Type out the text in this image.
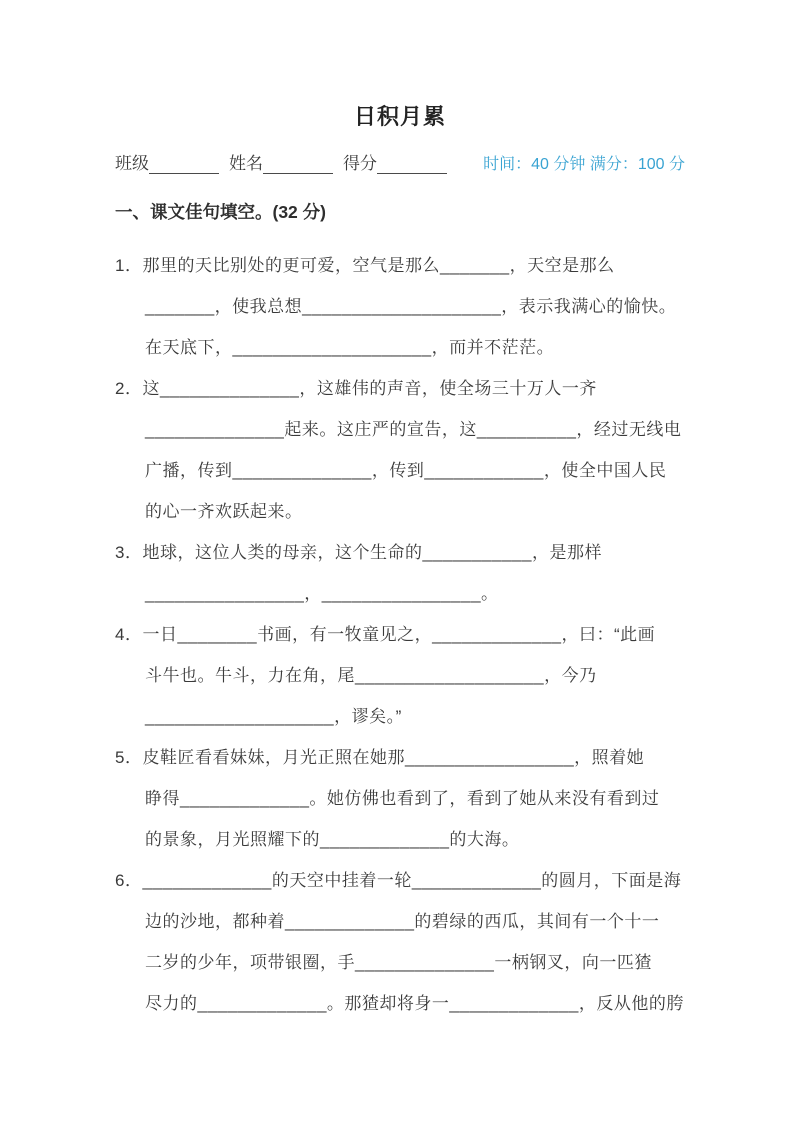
日积月累
班级	姓名	得分	时间：40 分钟 满分：100 分
一、课文佳句填空。(32 分)
1．那里的天比别处的更可爱，空气是那么_______，天空是那么
_______，使我总想____________________，表示我满心的愉快。
在天底下，____________________，而并不茫茫。
2．这______________，这雄伟的声音，使全场三十万人一齐
______________起来。这庄严的宣告，这__________，经过无线电
广播，传到______________，传到____________，使全中国人民
的心一齐欢跃起来。
3．地球，这位人类的母亲，这个生命的___________，是那样
________________，________________。
4．一日________书画，有一牧童见之，_____________，曰：“此画
斗牛也。牛斗，力在角，尾___________________，今乃
___________________，谬矣。”
5．皮鞋匠看看妹妹，月光正照在她那_________________，照着她
睁得_____________。她仿佛也看到了，看到了她从来没有看到过
的景象，月光照耀下的_____________的大海。
6．_____________的天空中挂着一轮_____________的圆月，下面是海
边的沙地，都种着_____________的碧绿的西瓜，其间有一个十一
二岁的少年，项带银圈，手______________一柄钢叉，向一匹猹
尽力的_____________。那猹却将身一_____________，反从他的胯
